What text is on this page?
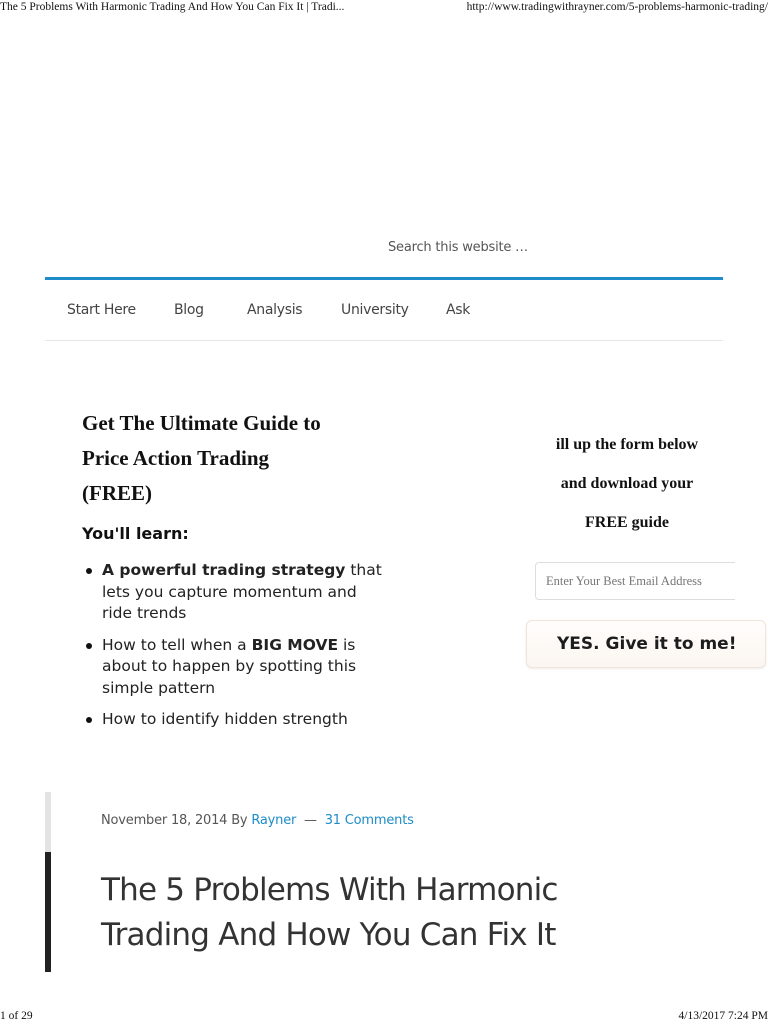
The 5 Problems With Harmonic Trading And How You Can Fix It | Tradi...	http://www.tradingwithrayner.com/5-problems-harmonic-trading/
Search this website …
Start Here	Blog	Analysis	University	Ask
Get The Ultimate Guide to
Price Action Trading
(FREE)
You'll learn:
A powerful trading strategy that lets you capture momentum and ride trends
How to tell when a BIG MOVE is about to happen by spotting this simple pattern
How to identify hidden strength
ill up the form below
and download your
FREE guide
Enter Your Best Email Address
YES. Give it to me!
November 18, 2014 By Rayner — 31 Comments
The 5 Problems With Harmonic Trading And How You Can Fix It
1 of 29	4/13/2017 7:24 PM
